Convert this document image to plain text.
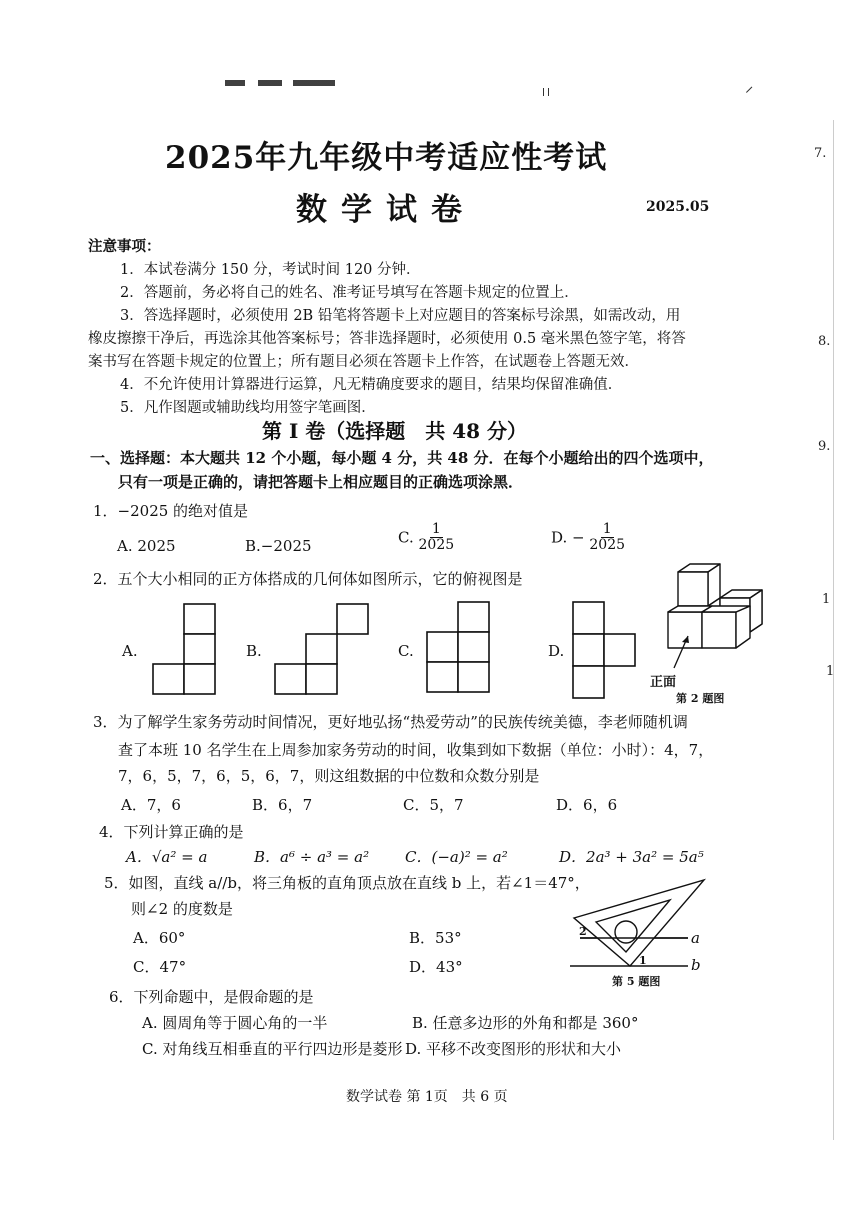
7.
8.
9.
1
1
2025年九年级中考适应性考试
数学试卷	2025.05
注意事项：
1．本试卷满分 150 分，考试时间 120 分钟．
2．答题前，务必将自己的姓名、准考证号填写在答题卡规定的位置上．
3．答选择题时，必须使用 2B 铅笔将答题卡上对应题目的答案标号涂黑，如需改动，用
橡皮擦擦干净后，再选涂其他答案标号；答非选择题时，必须使用 0.5 毫米黑色签字笔，将答
案书写在答题卡规定的位置上；所有题目必须在答题卡上作答，在试题卷上答题无效．
4．不允许使用计算器进行运算，凡无精确度要求的题目，结果均保留准确值．
5．凡作图题或辅助线均用签字笔画图．
第 I 卷（选择题　共 48 分）
一、选择题：本大题共 12 个小题，每小题 4 分，共 48 分．在每个小题给出的四个选项中，
只有一项是正确的，请把答题卡上相应题目的正确选项涂黑．
1．−2025 的绝对值是
A. 2025	B.−2025	C. $\frac{1}{2025}$	D. − $\frac{1}{2025}$
2．五个大小相同的正方体搭成的几何体如图所示，它的俯视图是
A.	B.	C.	D.
正面
第 2 题图
3．为了解学生家务劳动时间情况，更好地弘扬“热爱劳动”的民族传统美德，李老师随机调
查了本班 10 名学生在上周参加家务劳动的时间，收集到如下数据（单位：小时）：4，7，
7，6，5，7，6，5，6，7，则这组数据的中位数和众数分别是
A．7，6	B．6，7	C．5，7	D．6，6
4．下列计算正确的是
A．√a² = a	B．a⁶ ÷ a³ = a² C．(−a)² = a²	D．2a³ + 3a² = 5a⁵
5．如图，直线 a//b，将三角板的直角顶点放在直线 b 上，若∠1＝47°，
则∠2 的度数是
A．60°	B．53°
C．47°	D．43°
2
1
a
b
第 5 题图
6．下列命题中，是假命题的是
A. 圆周角等于圆心角的一半	B. 任意多边形的外角和都是 360°
C. 对角线互相垂直的平行四边形是菱形 D. 平移不改变图形的形状和大小
数学试卷 第 1页　共 6 页
